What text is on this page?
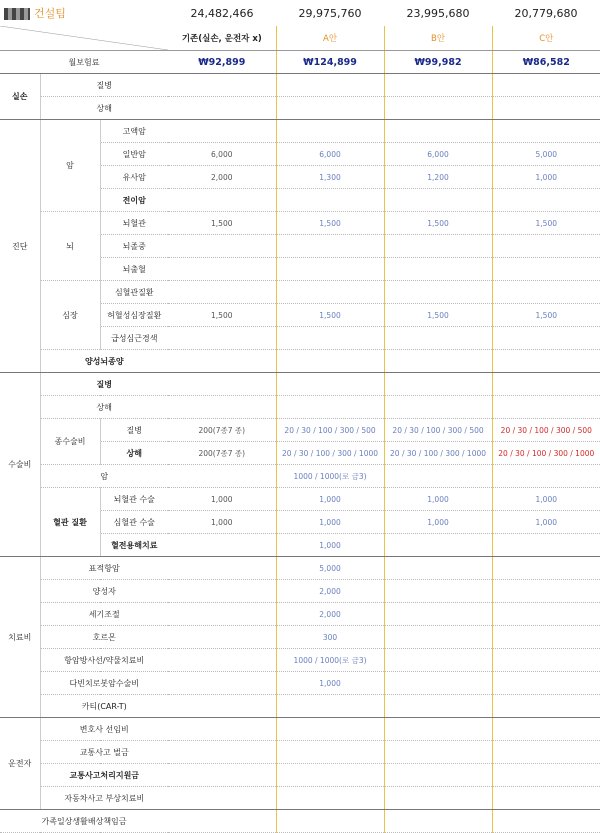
건설팀			24,482,466	29,975,760	23,995,680	20,779,680
			기존(실손, 운전자 x)	A안	B안	C안
월보험료			₩92,899	₩124,899	₩99,982	₩86,582
실손	질병					
	상해					
진단	암	고액암				
		일반암	6,000	6,000	6,000	5,000
		유사암	2,000	1,300	1,200	1,000
		전이암				
	뇌	뇌혈관	1,500	1,500	1,500	1,500
		뇌졸중				
		뇌출혈				
	심장	심혈관질환				
		허혈성심장질환	1,500	1,500	1,500	1,500
		급성심근경색				
	양성뇌종양					
수술비	질병					
	상해					
	종수술비	질병	200(7종7 종)	20 / 30 / 100 / 300 / 500	20 / 30 / 100 / 300 / 500	20 / 30 / 100 / 300 / 500
		상해	200(7종7 종)	20 / 30 / 100 / 300 / 1000	20 / 30 / 100 / 300 / 1000	20 / 30 / 100 / 300 / 1000
	암			1000 / 1000(로 금3)		
	혈관 질환	뇌혈관 수술	1,000	1,000	1,000	1,000
		심혈관 수술	1,000	1,000	1,000	1,000
		혈전용해치료		1,000		
치료비	표적항암			5,000		
	양성자			2,000		
	세기조절			2,000		
	호르몬			300		
	항암방사선/약물치료비			1000 / 1000(로 금3)		
	다빈치로봇암수술비			1,000		
	카티(CAR-T)					
운전자	변호사 선임비					
	교통사고 벌금					
	교통사고처리지원금					
	자동차사고 부상치료비					
가족일상생활배상책임금						
